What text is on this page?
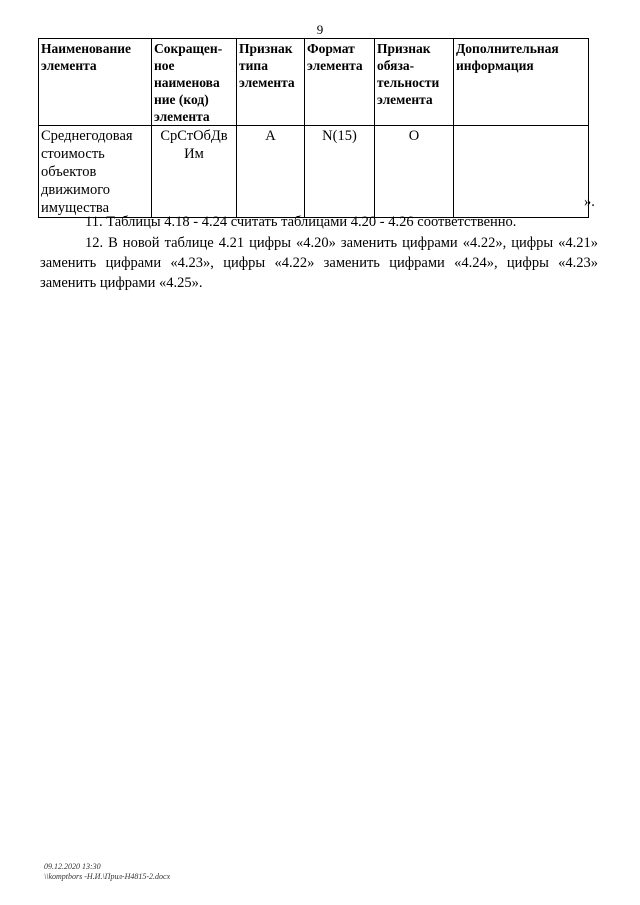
9
Наименование элемента	Сокращен-ное наименова ние (код) элемента	Признак типа элемента	Формат элемента	Признак обяза-тельности элемента	Дополнительная информация
Среднегодовая стоимость объектов движимого имущества	СрСтОбДв Им	А	N(15)	О	
».
11. Таблицы 4.18 - 4.24 считать таблицами 4.20 - 4.26 соответственно.
12. В новой таблице 4.21 цифры «4.20» заменить цифрами «4.22», цифры «4.21» заменить цифрами «4.23», цифры «4.22» заменить цифрами «4.24», цифры «4.23» заменить цифрами «4.25».
09.12.2020 13:30
\\komptbors -Н.И.\Прил-Н4815-2.docx
